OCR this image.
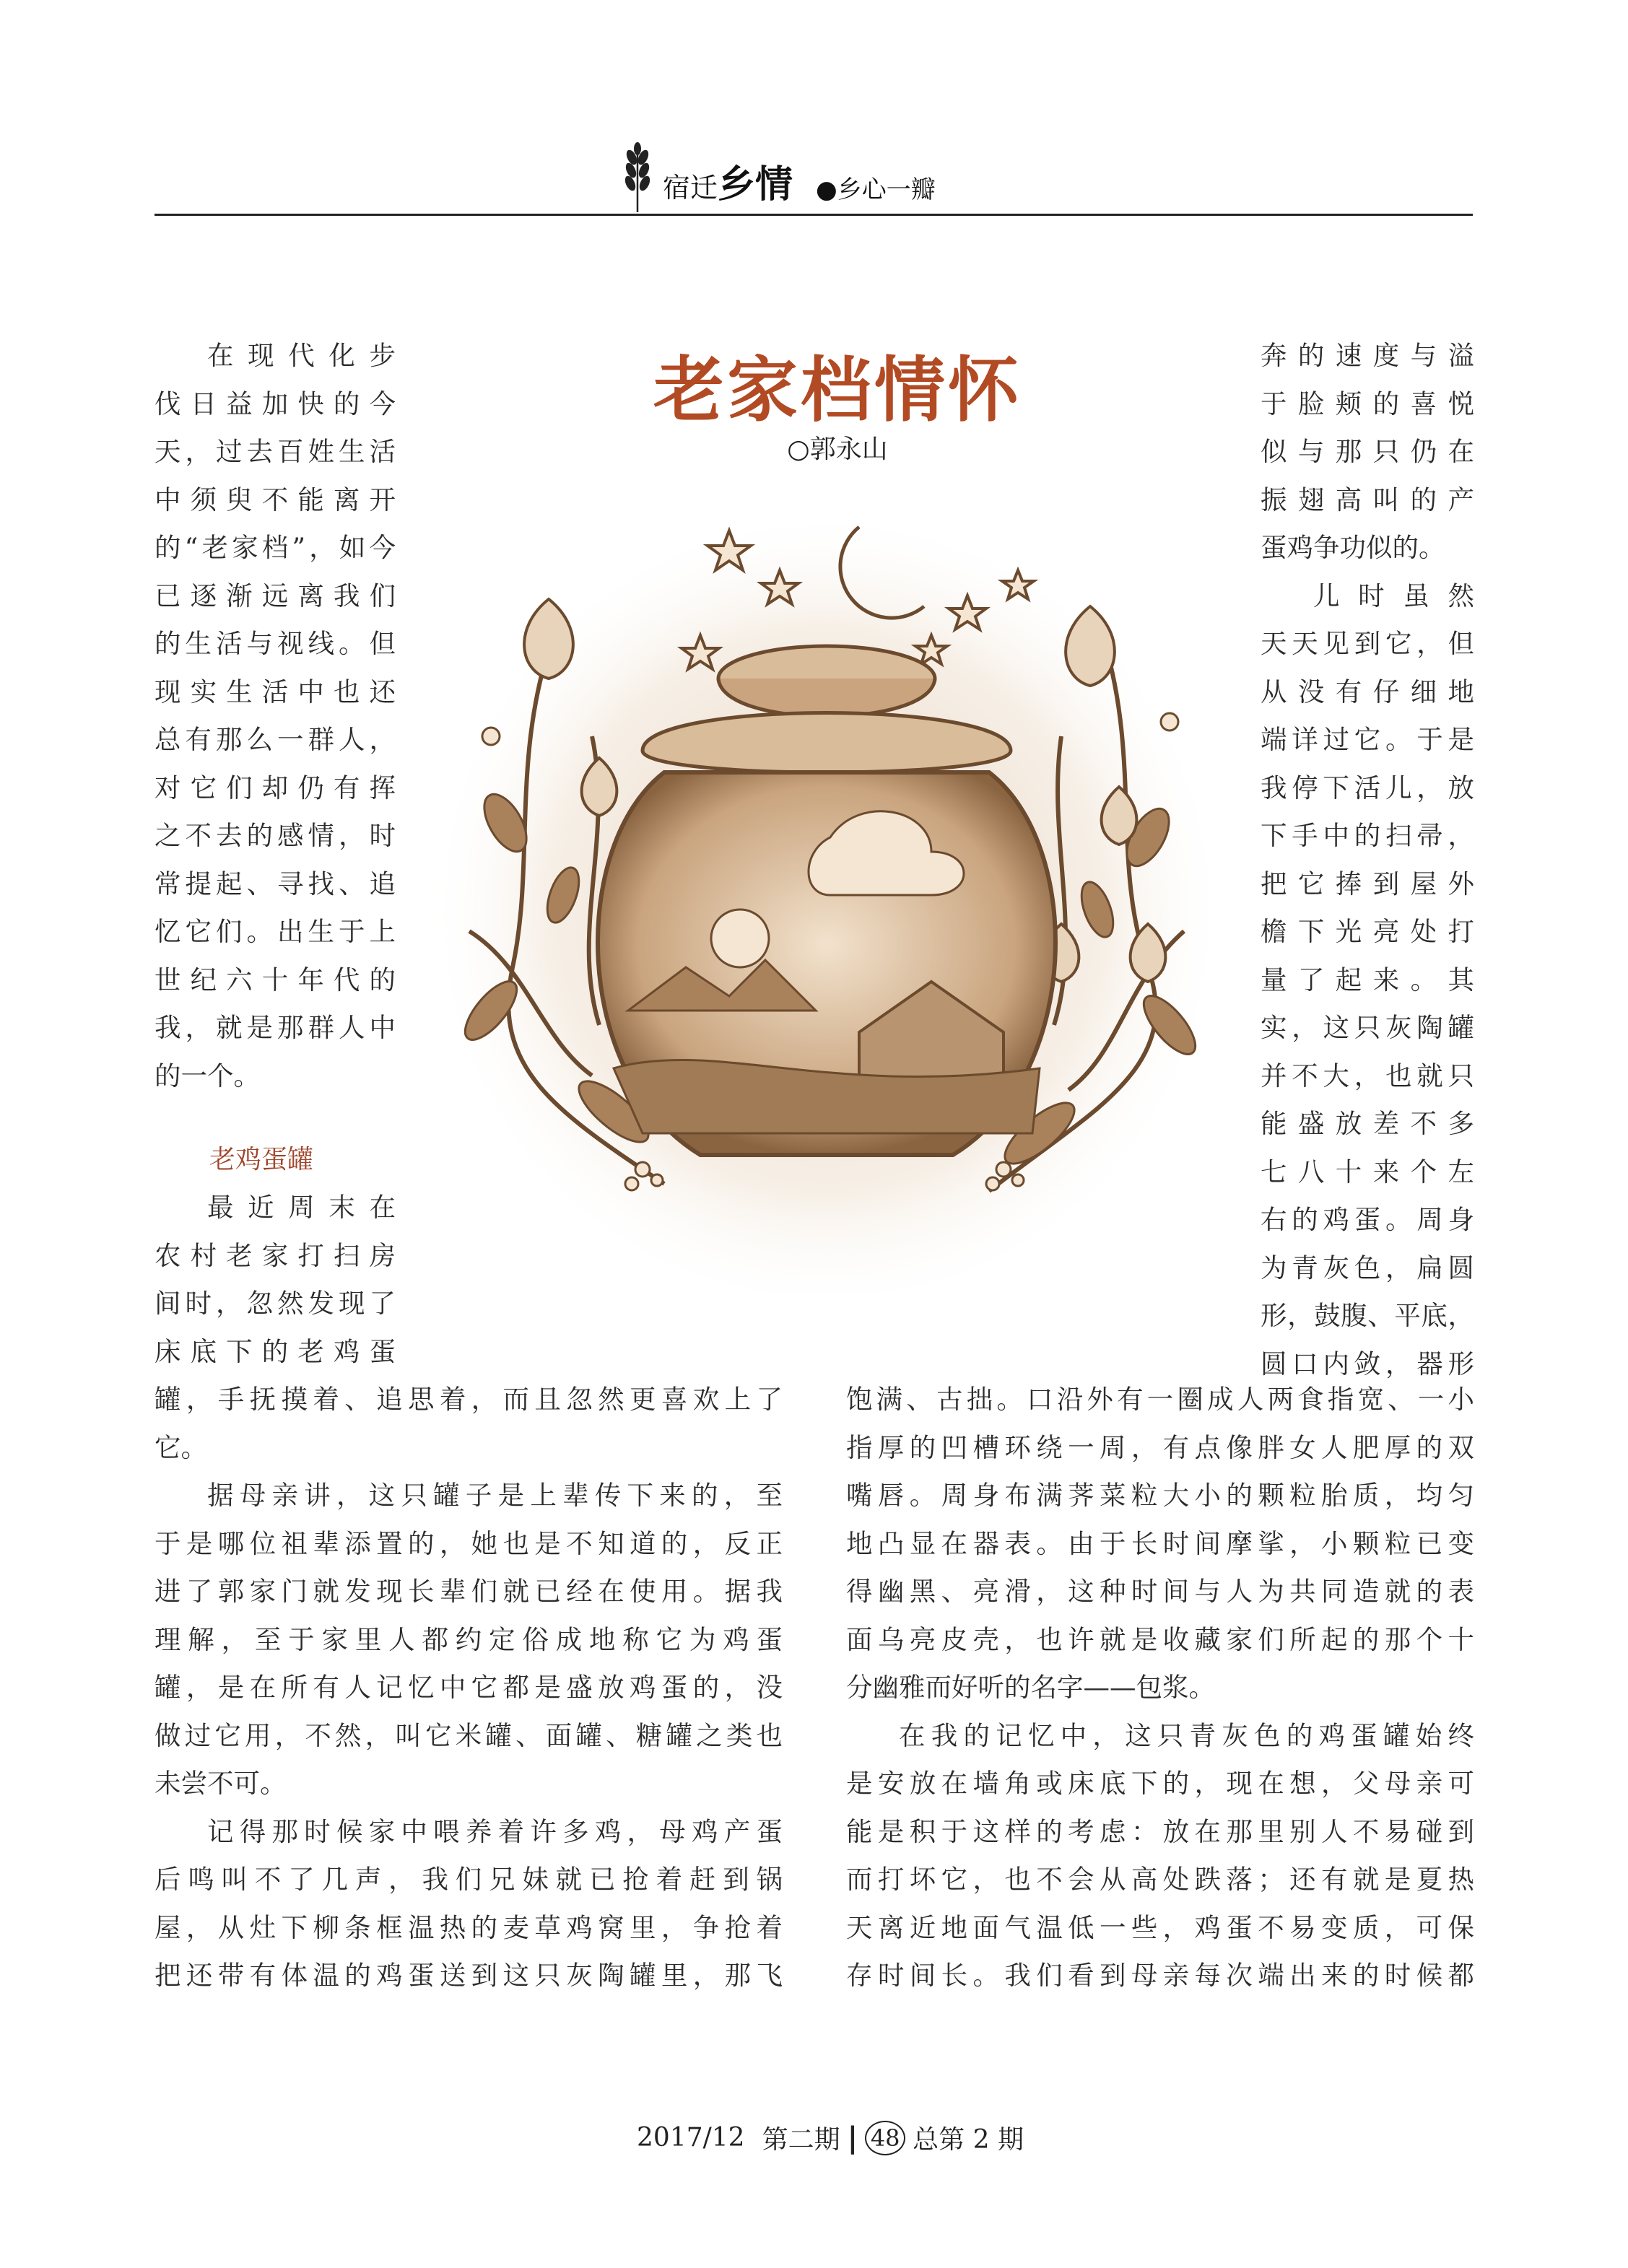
宿迁乡情 ●乡心一瓣
老家档情怀
○郭永山

在现代化步

伐日益加快的今

天，过去百姓生活

中须臾不能离开

的“老家档”，如今

已逐渐远离我们

的生活与视线。但

现实生活中也还

总有那么一群人，

对它们却仍有挥

之不去的感情，时

常提起、寻找、追

忆它们。出生于上

世纪六十年代的

我，就是那群人中

的一个。

老鸡蛋罐

最近周末在

农村老家打扫房

间时，忽然发现了

床底下的老鸡蛋

奔的速度与溢

于脸颊的喜悦

似与那只仍在

振翅高叫的产

蛋鸡争功似的。

儿时虽然

天天见到它，但

从没有仔细地

端详过它。于是

我停下活儿，放

下手中的扫帚，

把它捧到屋外

檐下光亮处打

量了起来。其

实，这只灰陶罐

并不大，也就只

能盛放差不多

七八十来个左

右的鸡蛋。周身

为青灰色，扁圆

形，鼓腹、平底，

圆口内敛，器形

罐，手抚摸着、追思着，而且忽然更喜欢上了

它。

据母亲讲，这只罐子是上辈传下来的，至

于是哪位祖辈添置的，她也是不知道的，反正

进了郭家门就发现长辈们就已经在使用。据我

理解，至于家里人都约定俗成地称它为鸡蛋

罐，是在所有人记忆中它都是盛放鸡蛋的，没

做过它用，不然，叫它米罐、面罐、糖罐之类也

未尝不可。

记得那时候家中喂养着许多鸡，母鸡产蛋

后鸣叫不了几声，我们兄妹就已抢着赶到锅

屋，从灶下柳条框温热的麦草鸡窝里，争抢着

把还带有体温的鸡蛋送到这只灰陶罐里，那飞

饱满、古拙。口沿外有一圈成人两食指宽、一小

指厚的凹槽环绕一周，有点像胖女人肥厚的双

嘴唇。周身布满荠菜粒大小的颗粒胎质，均匀

地凸显在器表。由于长时间摩挲，小颗粒已变

得幽黑、亮滑，这种时间与人为共同造就的表

面乌亮皮壳，也许就是收藏家们所起的那个十

分幽雅而好听的名字——包浆。

在我的记忆中，这只青灰色的鸡蛋罐始终

是安放在墙角或床底下的，现在想，父母亲可

能是积于这样的考虑：放在那里别人不易碰到

而打坏它，也不会从高处跌落；还有就是夏热

天离近地面气温低一些，鸡蛋不易变质，可保

存时间长。我们看到母亲每次端出来的时候都

2017/12 第二期 | 48 总第 2 期
